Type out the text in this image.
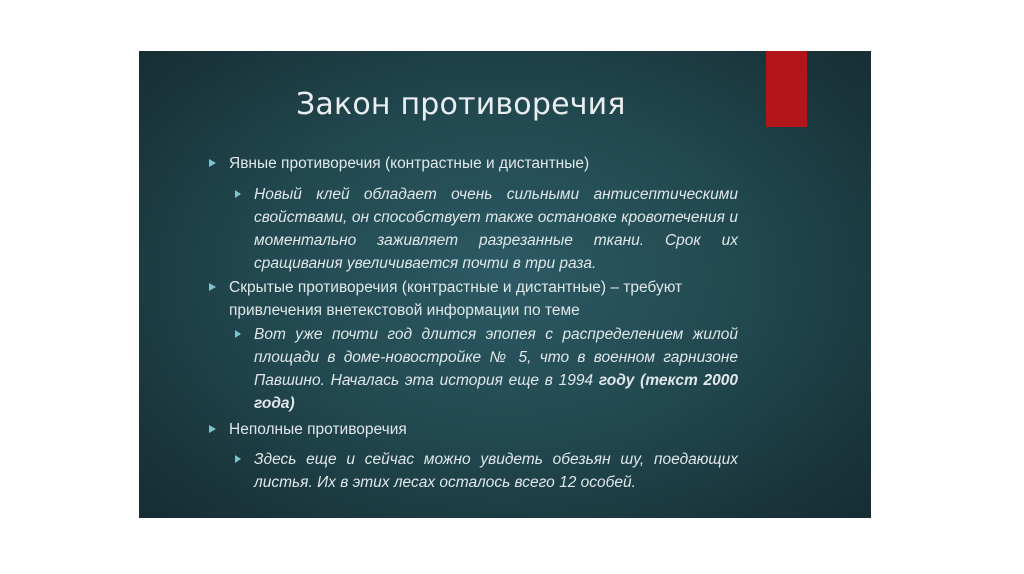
Закон противоречия
Явные противоречия (контрастные и дистантные)
Новый клей обладает очень сильными антисептическими свойствами, он способствует также остановке кровотечения и моментально заживляет разрезанные ткани. Срок их сращивания увеличивается почти в три раза.
Скрытые противоречия (контрастные и дистантные) – требуют привлечения внетекстовой информации по теме
Вот уже почти год длится эпопея с распределением жилой площади в доме-новостройке № 5, что в военном гарнизоне Павшино. Началась эта история еще в 1994 году (текст 2000 года)
Неполные противоречия
Здесь еще и сейчас можно увидеть обезьян шу, поедающих листья. Их в этих лесах осталось всего 12 особей.
